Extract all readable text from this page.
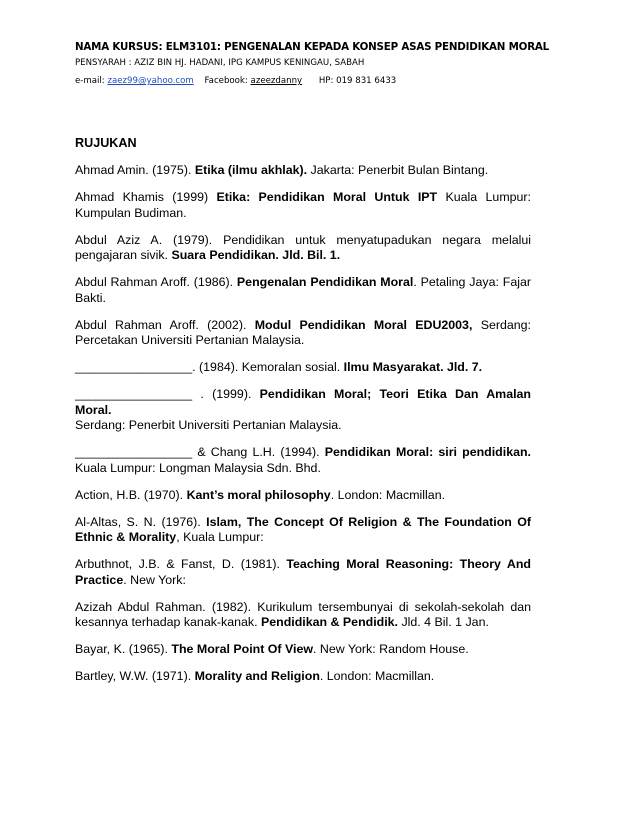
NAMA KURSUS: ELM3101: PENGENALAN KEPADA KONSEP ASAS PENDIDIKAN MORAL
PENSYARAH : AZIZ BIN HJ. HADANI, IPG KAMPUS KENINGAU, SABAH
e-mail: zaez99@yahoo.com Facebook: azeezdanny HP: 019 831 6433
RUJUKAN
Ahmad Amin. (1975). Etika (ilmu akhlak). Jakarta: Penerbit Bulan Bintang.
Ahmad Khamis (1999) Etika: Pendidikan Moral Untuk IPT Kuala Lumpur: Kumpulan Budiman.
Abdul Aziz A. (1979). Pendidikan untuk menyatupadukan negara melalui pengajaran sivik. Suara Pendidikan. Jld. Bil. 1.
Abdul Rahman Aroff. (1986). Pengenalan Pendidikan Moral. Petaling Jaya: Fajar Bakti.
Abdul Rahman Aroff. (2002). Modul Pendidikan Moral EDU2003, Serdang: Percetakan Universiti Pertanian Malaysia.
_________________. (1984). Kemoralan sosial. Ilmu Masyarakat. Jld. 7.
_________________ . (1999). Pendidikan Moral; Teori Etika Dan Amalan Moral.
Serdang: Penerbit Universiti Pertanian Malaysia.
_________________ & Chang L.H. (1994). Pendidikan Moral: siri pendidikan. Kuala Lumpur: Longman Malaysia Sdn. Bhd.
Action, H.B. (1970). Kant’s moral philosophy. London: Macmillan.
Al-Altas, S. N. (1976). Islam, The Concept Of Religion & The Foundation Of Ethnic & Morality, Kuala Lumpur:
Arbuthnot, J.B. & Fanst, D. (1981). Teaching Moral Reasoning: Theory And Practice. New York:
Azizah Abdul Rahman. (1982). Kurikulum tersembunyai di sekolah-sekolah dan kesannya terhadap kanak-kanak. Pendidikan & Pendidik. Jld. 4 Bil. 1 Jan.
Bayar, K. (1965). The Moral Point Of View. New York: Random House.
Bartley, W.W. (1971). Morality and Religion. London: Macmillan.
